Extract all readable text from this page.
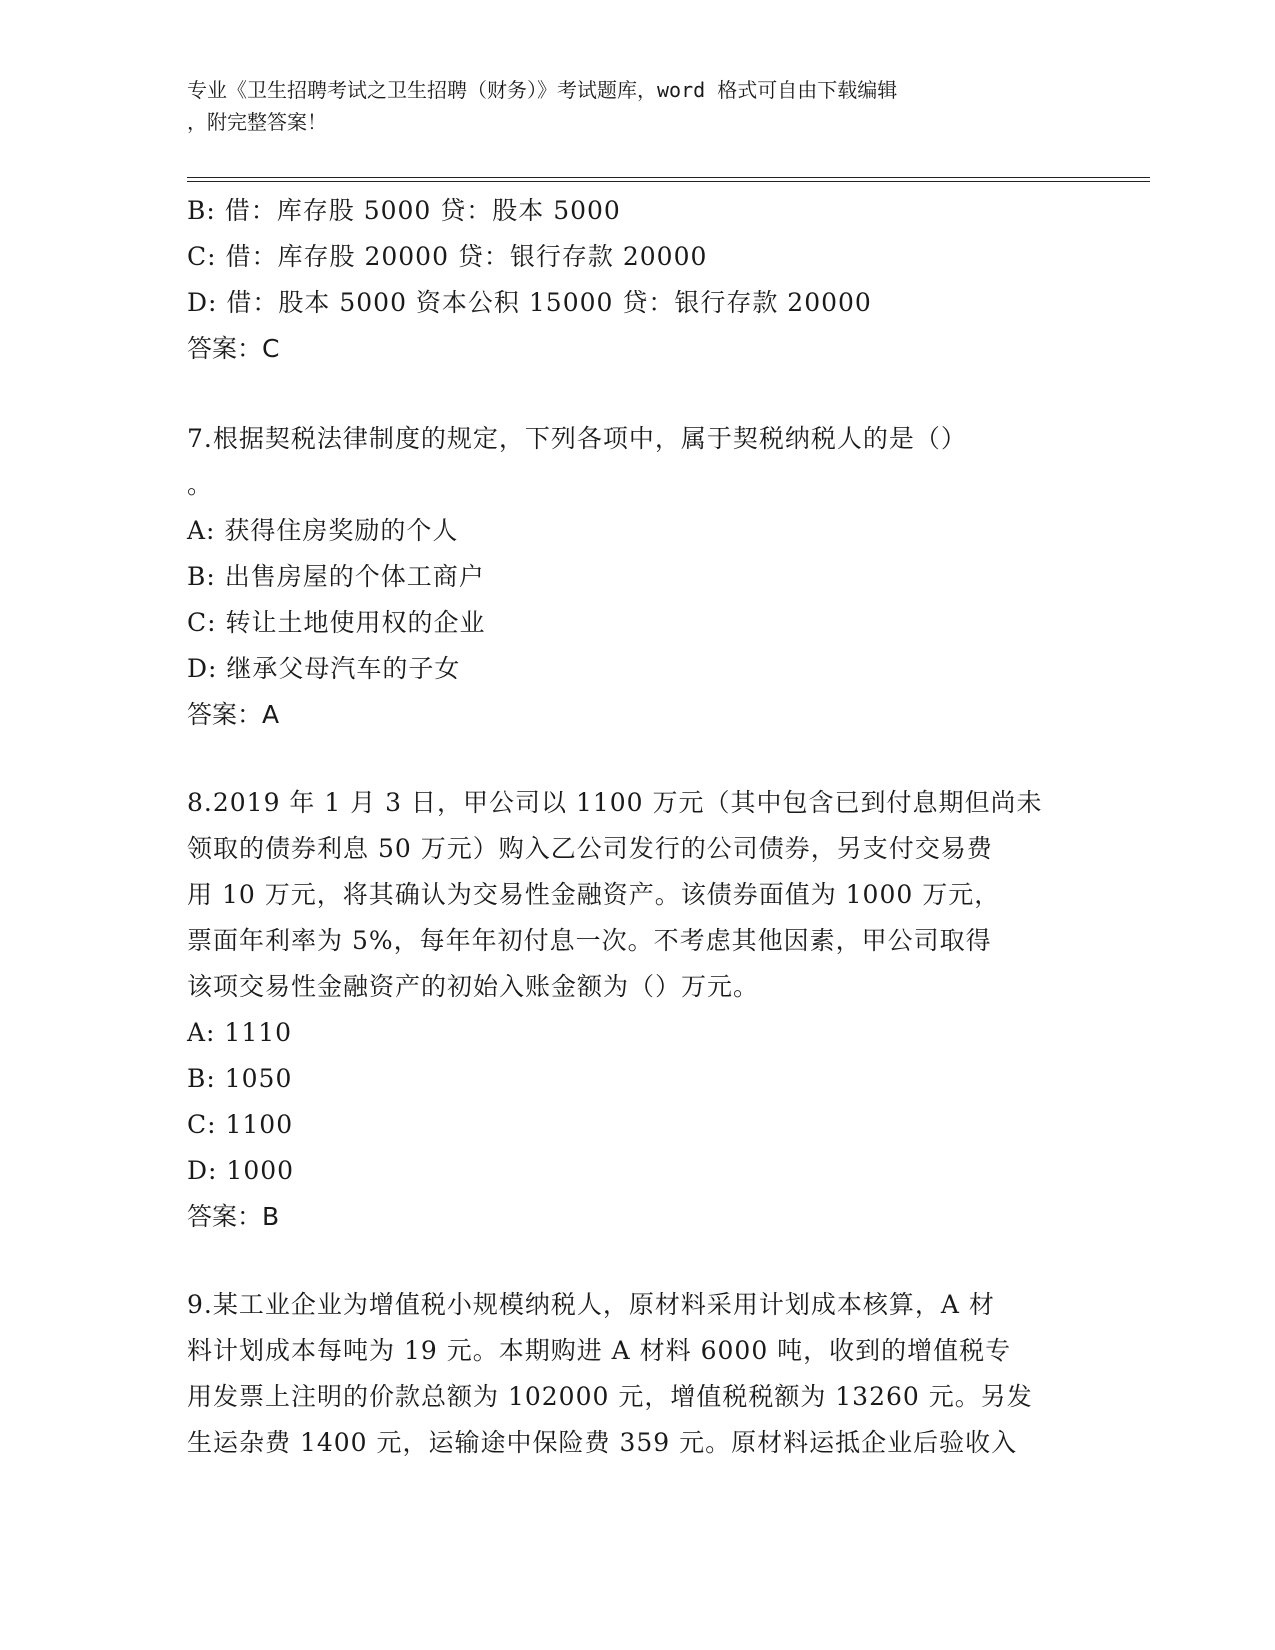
专业《卫生招聘考试之卫生招聘（财务）》考试题库，word 格式可自由下载编辑
，附完整答案！
B: 借：库存股 5000 贷：股本 5000
C: 借：库存股 20000 贷：银行存款 20000
D: 借：股本 5000 资本公积 15000 贷：银行存款 20000
答案：C
7.根据契税法律制度的规定，下列各项中，属于契税纳税人的是（）
。
A: 获得住房奖励的个人
B: 出售房屋的个体工商户
C: 转让土地使用权的企业
D: 继承父母汽车的子女
答案：A
8.2019 年 1 月 3 日，甲公司以 1100 万元（其中包含已到付息期但尚未
领取的债券利息 50 万元）购入乙公司发行的公司债券，另支付交易费
用 10 万元，将其确认为交易性金融资产。该债券面值为 1000 万元，
票面年利率为 5%，每年年初付息一次。不考虑其他因素，甲公司取得
该项交易性金融资产的初始入账金额为（）万元。
A: 1110
B: 1050
C: 1100
D: 1000
答案：B
9.某工业企业为增值税小规模纳税人，原材料采用计划成本核算，A 材
料计划成本每吨为 19 元。本期购进 A 材料 6000 吨，收到的增值税专
用发票上注明的价款总额为 102000 元，增值税税额为 13260 元。另发
生运杂费 1400 元，运输途中保险费 359 元。原材料运抵企业后验收入
